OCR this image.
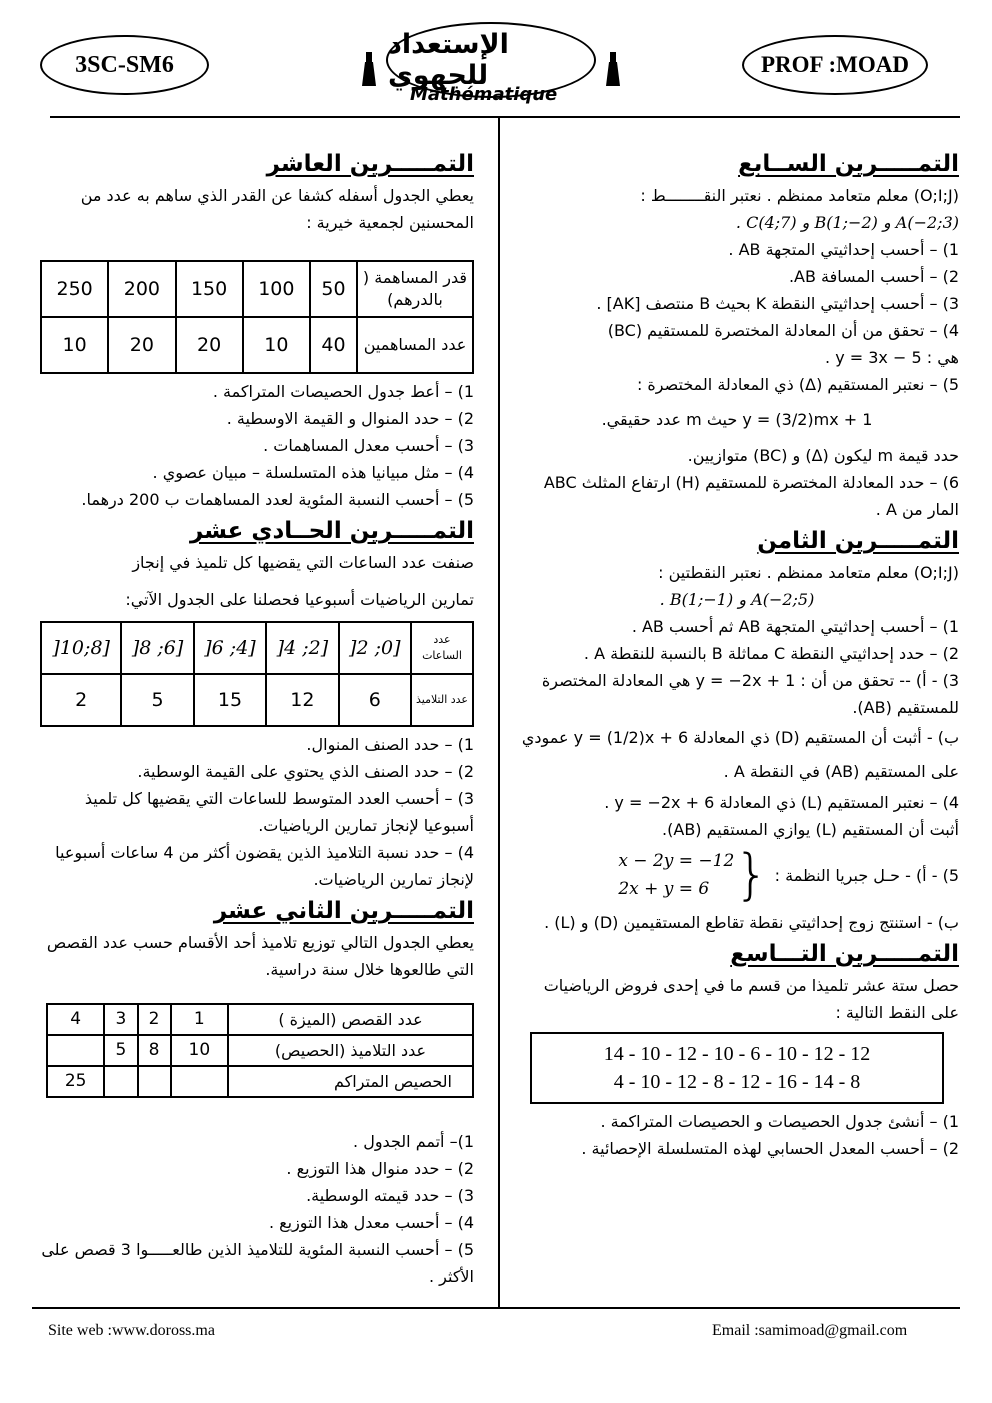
3SC-SM6
الإستعداد للجهوي	PROF :MOAD
Mathématique
التمـــــرين الســابع

(O;I;J) معلم متعامد ممنظم . نعتبر النقــــــــط :

A(−2;3) و B(1;−2) و C(4;7) .

1) – أحسب إحداثيتي المتجهة AB .

2) – أحسب المسافة AB.

3) – أحسب إحداثيتي النقطة K بحيث B منتصف [AK] .

4) – تحقق من أن المعادلة المختصرة للمستقيم (BC)

هي : y = 3x − 5 .

5) – نعتبر المستقيم (Δ) ذي المعادلة المختصرة :

y = (3/2)mx + 1 حيث m عدد حقيقي.

حدد قيمة m ليكون (Δ) و (BC) متوازيين.

6) – حدد المعادلة المختصرة للمستقيم (H) ارتفاع المثلث ABC المار من A .

التمـــــرين الثامن

(O;I;J) معلم متعامد ممنظم . نعتبر النقطتين :

A(−2;5) و B(1;−1) .

1) – أحسب إحداثيتي المتجهة AB ثم أحسب AB .

2) – حدد إحداثيتي النقطة C مماثلة B بالنسبة للنقطة A .

3) - أ) -- تحقق من أن : y = −2x + 1 هي المعادلة المختصرة للمستقيم (AB).

ب) - أثبت أن المستقيم (D) ذي المعادلة y = (1/2)x + 6 عمودي على المستقيم (AB) في النقطة A .

4) – نعتبر المستقيم (L) ذي المعادلة y = −2x + 6 .

أثبت أن المستقيم (L) يوازي المستقيم (AB).

5) - أ) - حـل جبريا النظمة :
{
x − 2y = −12
2x + y = 6

ب) - استنتج زوج إحداثيتي نقطة تقاطع المستقيمين (D) و (L) .

التمـــــرين التـــاسع

حصل ستة عشر تلميذا من قسم ما في إحدى فروض الرياضيات على النقط التالية :

14 - 10 - 12 - 10 - 6 - 10 - 12 - 12
4 - 10 - 12 - 8 - 12 - 16 - 14 - 8

1) – أنشئ جدول الحصيصات و الحصيصات المتراكمة .

2) – أحسب المعدل الحسابي لهذه المتسلسلة الإحصائية .

التمـــــرين العاشر

يعطي الجدول أسفله كشفا عن القدر الذي ساهم به عدد من المحسنين لجمعية خيرية :

قدر المساهمة ( بالدرهم)	50	100	150	200	250
عدد المساهمين	40	10	20	20	10

1) – أعط جدول الحصيصات المتراكمة .

2) – حدد المنوال و القيمة الاوسطية .

3) – أحسب معدل المساهمات .

4) – مثل مبيانيا هذه المتسلسلة – مبيان عصوي .

5) – أحسب النسبة المئوية لعدد المساهمات ب 200 درهما.

التمـــــرين الحــادي عشر

صنفت عدد الساعات التي يقضيها كل تلميذ في إنجاز

تمارين الرياضيات أسبوعيا فحصلنا على الجدول الآتي:

عدد الساعات	[0; 2[	[2; 4[	[4; 6[	[6; 8[	[8;10[
عدد التلاميذ	6	12	15	5	2

1) – حدد الصنف المنوال.

2) – حدد الصنف الذي يحتوي على القيمة الوسطية.

3) – أحسب العدد المتوسط للساعات التي يقضيها كل تلميذ أسبوعيا لإنجاز تمارين الرياضيات.

4) – حدد نسبة التلاميذ الذين يقضون أكثر من 4 ساعات أسبوعيا لإنجاز تمارين الرياضيات.

التمـــــرين الثاني عشر

يعطي الجدول التالي توزيع تلاميذ أحد الأقسام حسب عدد القصص التي طالعوها خلال سنة دراسية.

عدد القصص (الميزة )	1	2	3	4
عدد التلاميذ (الحصيص)	10	8	5	
الحصيص المتراكم				25

1)– أتمم الجدول .

2) – حدد منوال هذا التوزيع .

3) – حدد قيمته الوسطية.

4) – أحسب معدل هذا التوزيع .

5) – أحسب النسبة المئوية للتلاميذ الذين طالعـــــوا 3 قصص على الأكثر .

Site web :www.doross.ma	Email :samimoad@gmail.com
